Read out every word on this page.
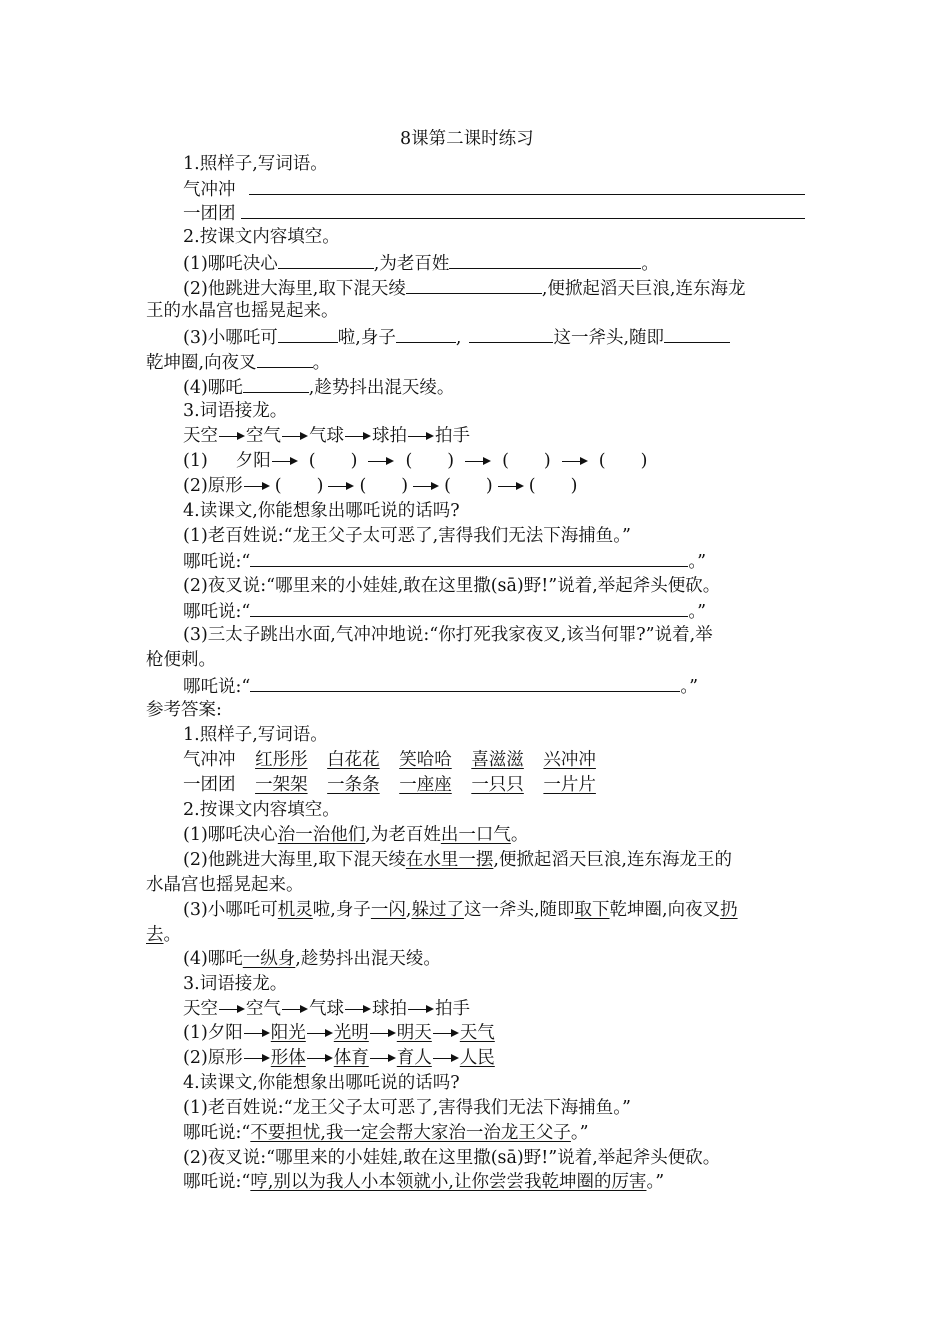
8课第二课时练习
1.照样子,写词语。
气冲冲
一团团
2.按课文内容填空。
(1)哪吒决心	,为老百姓	。
(2)他跳进大海里,取下混天绫	,便掀起滔天巨浪,连东海龙
王的水晶宫也摇晃起来。
(3)小哪吒可	啦,身子	,	这一斧头,随即
乾坤圈,向夜叉	。
(4)哪吒	,趁势抖出混天绫。
3.词语接龙。
天空 空气 气球 球拍 拍手
(1) 夕阳 (　　)	(　　)	(　　)	(　　)
(2)原形 (　　) (　　) (　　) (　　)
4.读课文,你能想象出哪吒说的话吗?
(1)老百姓说:“龙王父子太可恶了,害得我们无法下海捕鱼。”
哪吒说:“	。”
(2)夜叉说:“哪里来的小娃娃,敢在这里撒(sā)野!”说着,举起斧头便砍。
哪吒说:“	。”
(3)三太子跳出水面,气冲冲地说:“你打死我家夜叉,该当何罪?”说着,举
枪便刺。
哪吒说:“	。”
参考答案:
1.照样子,写词语。
气冲冲 红彤彤 白花花 笑哈哈 喜滋滋 兴冲冲
一团团 一架架 一条条 一座座 一只只 一片片
2.按课文内容填空。
(1)哪吒决心治一治他们,为老百姓出一口气。
(2)他跳进大海里,取下混天绫在水里一摆,便掀起滔天巨浪,连东海龙王的
水晶宫也摇晃起来。
(3)小哪吒可机灵啦,身子一闪,躲过了这一斧头,随即取下乾坤圈,向夜叉扔
去。
(4)哪吒一纵身,趁势抖出混天绫。
3.词语接龙。
天空 空气 气球 球拍 拍手
(1)夕阳 阳光 光明 明天 天气
(2)原形 形体 体育 育人 人民
4.读课文,你能想象出哪吒说的话吗?
(1)老百姓说:“龙王父子太可恶了,害得我们无法下海捕鱼。”
哪吒说:“不要担忧,我一定会帮大家治一治龙王父子。”
(2)夜叉说:“哪里来的小娃娃,敢在这里撒(sā)野!”说着,举起斧头便砍。
哪吒说:“哼,别以为我人小本领就小,让你尝尝我乾坤圈的厉害。”
